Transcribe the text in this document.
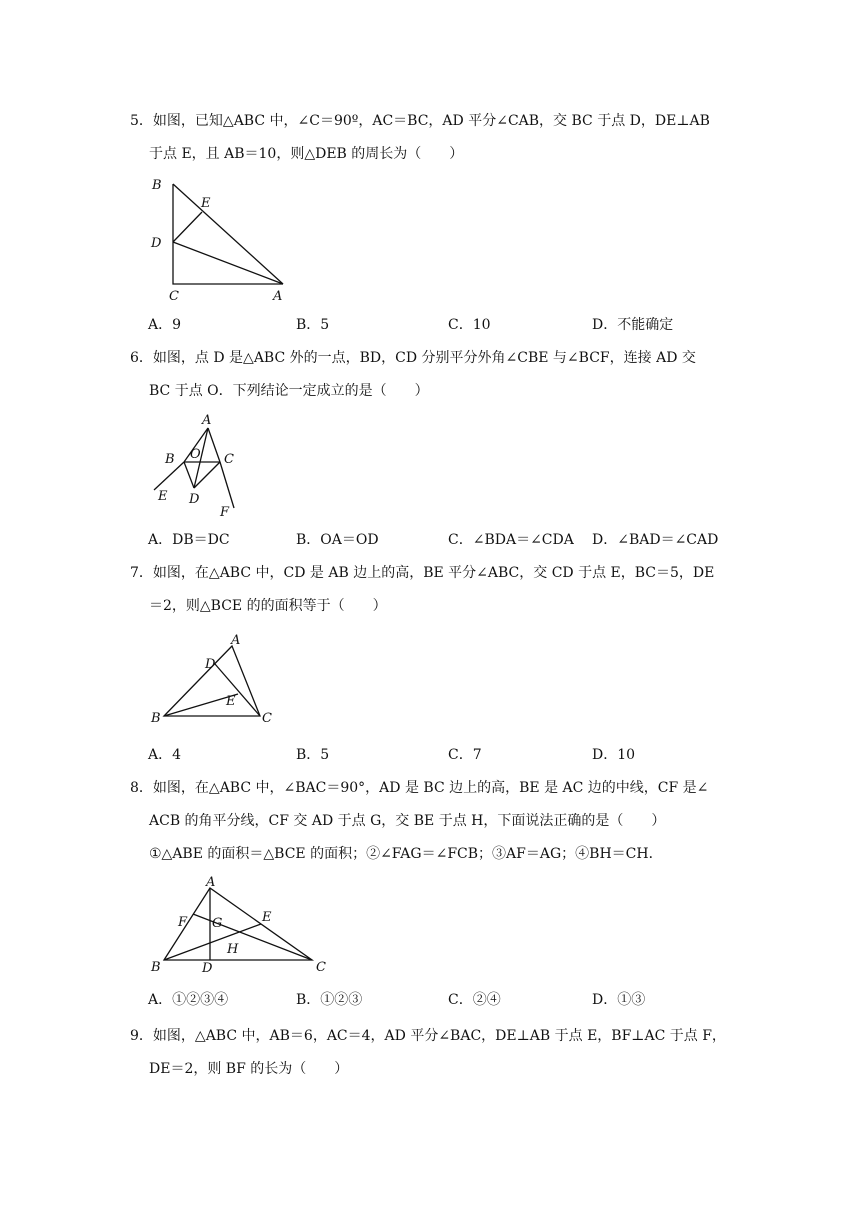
5．如图，已知△ABC 中，∠C＝90º，AC＝BC，AD 平分∠CAB，交 BC 于点 D，DE⊥AB
于点 E，且 AB＝10，则△DEB 的周长为（　　）
B
E
D
C	A
A．9	B．5	C．10	D．不能确定
6．如图，点 D 是△ABC 外的一点，BD，CD 分别平分外角∠CBE 与∠BCF，连接 AD 交
BC 于点 O．下列结论一定成立的是（　　）
A
B O C
E D
F
A．DB＝DC	B．OA＝OD	C．∠BDA＝∠CDA D．∠BAD＝∠CAD
7．如图，在△ABC 中，CD 是 AB 边上的高，BE 平分∠ABC，交 CD 于点 E，BC＝5，DE
＝2，则△BCE 的的面积等于（　　）
A
D
E
B	C
A．4	B．5	C．7	D．10
8．如图，在△ABC 中，∠BAC＝90°，AD 是 BC 边上的高，BE 是 AC 边的中线，CF 是∠
ACB 的角平分线，CF 交 AD 于点 G，交 BE 于点 H，下面说法正确的是（　　）
①△ABE 的面积＝△BCE 的面积；②∠FAG＝∠FCB；③AF＝AG；④BH＝CH．
A
F G	E
H
B	D	C
A．①②③④	B．①②③	C．②④	D．①③
9．如图，△ABC 中，AB＝6，AC＝4，AD 平分∠BAC，DE⊥AB 于点 E，BF⊥AC 于点 F，
DE＝2，则 BF 的长为（　　）
